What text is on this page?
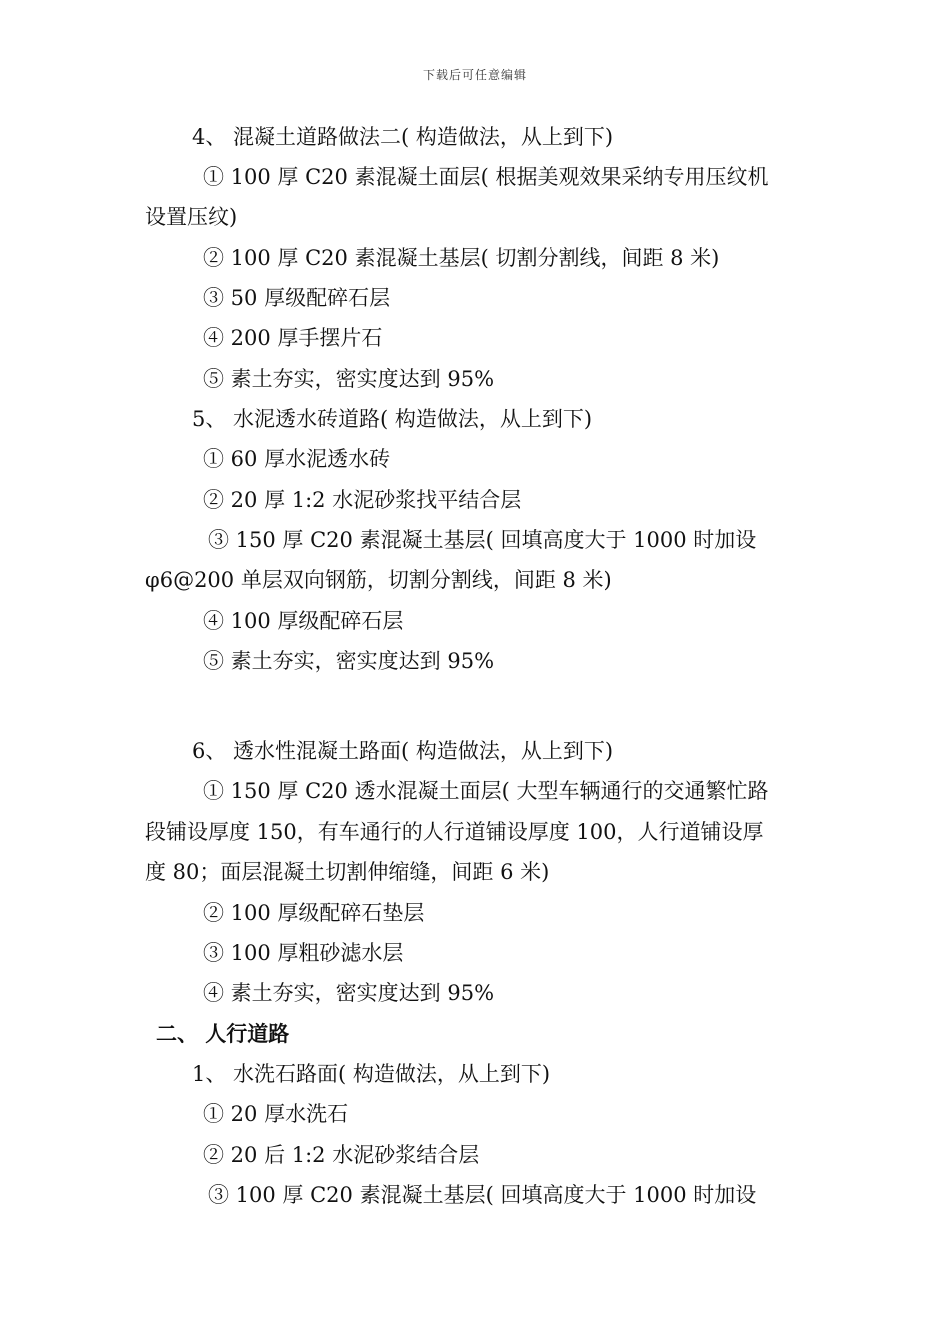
下载后可任意编辑
4、 混凝土道路做法二( 构造做法，从上到下)
① 100 厚 C20 素混凝土面层( 根据美观效果采纳专用压纹机
设置压纹)
② 100 厚 C20 素混凝土基层( 切割分割线，间距 8 米)
③ 50 厚级配碎石层
④ 200 厚手摆片石
⑤ 素土夯实，密实度达到 95%
5、 水泥透水砖道路( 构造做法，从上到下)
① 60 厚水泥透水砖
② 20 厚 1:2 水泥砂浆找平结合层
③ 150 厚 C20 素混凝土基层( 回填高度大于 1000 时加设
φ6@200 单层双向钢筋，切割分割线，间距 8 米)
④ 100 厚级配碎石层
⑤ 素土夯实，密实度达到 95%
6、 透水性混凝土路面( 构造做法，从上到下)
① 150 厚 C20 透水混凝土面层( 大型车辆通行的交通繁忙路
段铺设厚度 150，有车通行的人行道铺设厚度 100，人行道铺设厚
度 80；面层混凝土切割伸缩缝，间距 6 米)
② 100 厚级配碎石垫层
③ 100 厚粗砂滤水层
④ 素土夯实，密实度达到 95%
二、 人行道路
1、 水洗石路面( 构造做法，从上到下)
① 20 厚水洗石
② 20 后 1:2 水泥砂浆结合层
③ 100 厚 C20 素混凝土基层( 回填高度大于 1000 时加设
